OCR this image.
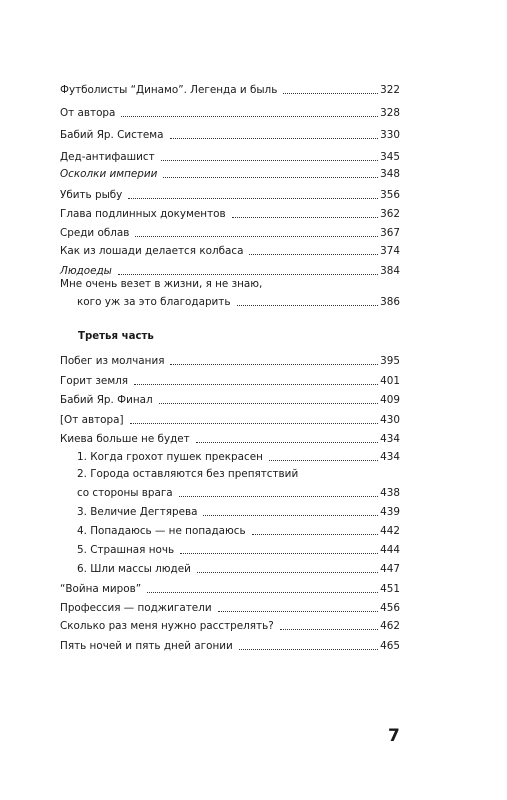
Футболисты “Динамо”. Легенда и быль	322
От автора	328
Бабий Яр. Система	330
Дед-антифашист	345
Осколки империи	348
Убить рыбу	356
Глава подлинных документов	362
Среди облав	367
Как из лошади делается колбаса	374
Людоеды	384
Мне очень везет в жизни, я не знаю,
кого уж за это благодарить	386
Третья часть
Побег из молчания	395
Горит земля	401
Бабий Яр. Финал	409
[От автора]	430
Киева больше не будет	434
1. Когда грохот пушек прекрасен	434
2. Города оставляются без препятствий
со стороны врага	438
3. Величие Дегтярева	439
4. Попадаюсь — не попадаюсь	442
5. Страшная ночь	444
6. Шли массы людей	447
“Война миров”	451
Профессия — поджигатели	456
Сколько раз меня нужно расстрелять?	462
Пять ночей и пять дней агонии	465
7
